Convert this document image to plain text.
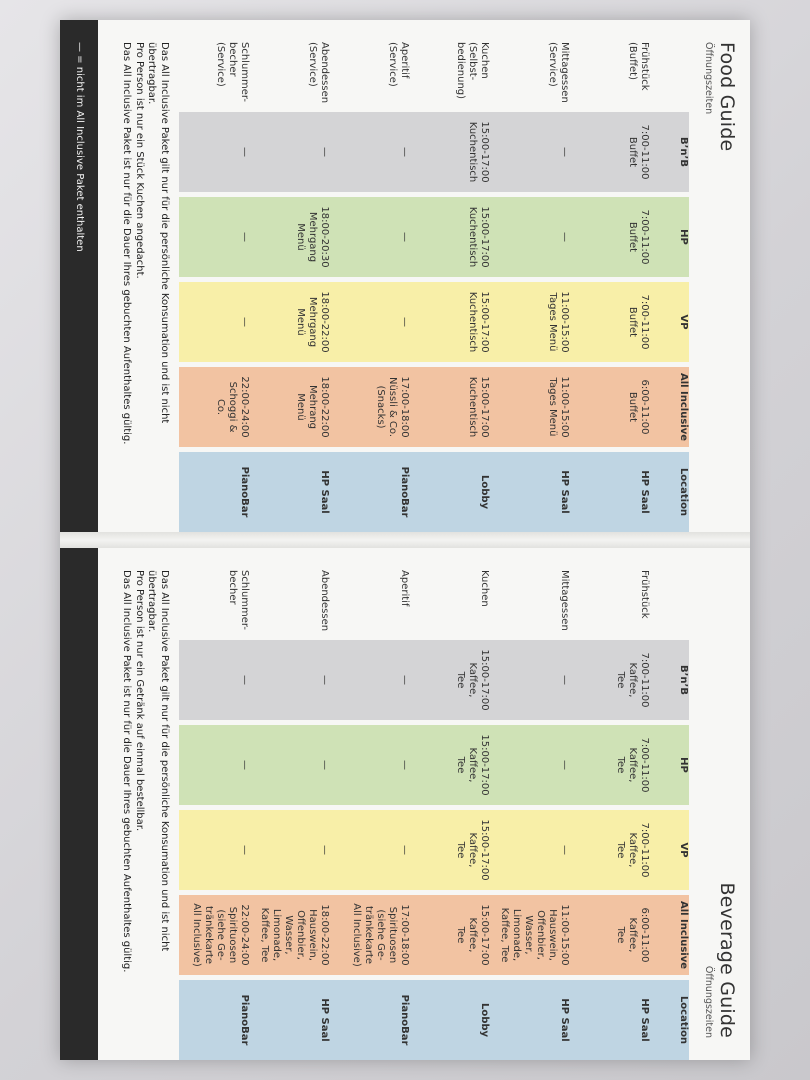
Food Guide
Öffnungszeiten
B’n’B
HP
VP
All Inclusive
Location
Frühstück
(Buffet)
7:00-11:00
Buffet
7:00-11:00
Buffet
7:00-11:00
Buffet
6:00-11:00
Buffet
HP Saal
Mittagessen
(Service)
—
—
11:00-15:00
Tages Menü
11:00-15:00
Tages Menü
HP Saal
Kuchen
(Selbst-
bedienung)
15:00-17:00
Kuchentisch
15:00-17:00
Kuchentisch
15:00-17:00
Kuchentisch
15:00-17:00
Kuchentisch
Lobby
Aperitif
(Service)
—
—
—
17:00-18:00
Nüssli & Co.
(Snacks)
PianoBar
Abendessen
(Service)
—
18:00-20:30
Mehrgang
Menü
18:00-22:00
Mehrgang
Menü
18:00-22:00
Mehrang
Menü
HP Saal
Schlummer-
becher
(Service)
—
—
—
22:00-24:00
Schoggi &
Co.
PianoBar
Das All Inclusive Paket gilt nur für die persönliche Konsumation und ist nicht
übertragbar.
Pro Person ist nur ein Stück Kuchen angedacht.
Das All Inclusive Paket ist nur für die Dauer Ihres gebuchten Aufenthaltes gültig.
— = nicht im All Inclusive Paket enthalten
Beverage Guide
Öffnungszeiten
B’n’B
HP
VP
All Inclusive
Location
Frühstück
7:00-11:00
Kaffee,
Tee
7:00-11:00
Kaffee,
Tee
7:00-11:00
Kaffee,
Tee
6:00-11:00
Kaffee,
Tee
HP Saal
Mittagessen
—
—
—
11:00-15:00
Hauswein,
Offenbier,
Wasser,
Limonade,
Kaffee, Tee
HP Saal
Kuchen
15:00-17:00
Kaffee,
Tee
15:00-17:00
Kaffee,
Tee
15:00-17:00
Kaffee,
Tee
15:00-17:00
Kaffee,
Tee
Lobby
Aperitif
—
—
—
17:00-18:00
Spirituosen
(siehe Ge-
tränkekarte
All Inclusive)
PianoBar
Abendessen
—
—
—
18:00-22:00
Hauswein,
Offenbier,
Wasser,
Limonade,
Kaffee, Tee
HP Saal
Schlummer-
becher
—
—
—
22:00-24:00
Spirituosen
(siehe Ge-
tränkekarte
All Inclusive)
PianoBar
Das All Inclusive Paket gilt nur für die persönliche Konsumation und ist nicht
übertragbar.
Pro Person ist nur ein Getränk auf einmal bestellbar.
Das All Inclusive Paket ist nur für die Dauer Ihres gebuchten Aufenthaltes gültig.
